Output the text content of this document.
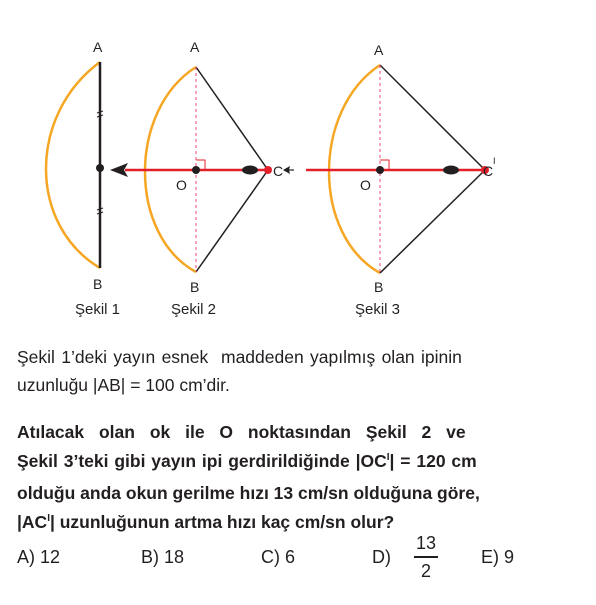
A
B
Şekil 1
A
B
O
C
Şekil 2
A
B
O
C
I
Şekil 3

Şekil 1’deki yayın esnek  maddeden yapılmış olan ipinin
uzunluğu |AB| = 100 cm’dir.

Atılacak olan ok ile O noktasından Şekil 2 ve
Şekil 3’teki gibi yayın ipi gerdirildiğinde $|OC^I| = 120$ cm
olduğu anda okun gerilme hızı 13 cm/sn olduğuna göre,
$|AC^I|$ uzunluğunun artma hızı kaç cm/sn olur?

A) 12	B) 18	C) 6	D)
13
2
E) 9
